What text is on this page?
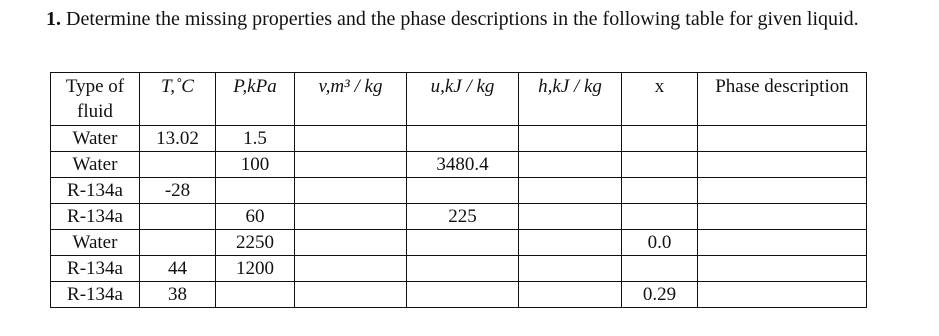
1. Determine the missing properties and the phase descriptions in the following table for given liquid.
Type of fluid	T,˚C	P,kPa	v,m³ / kg	u,kJ / kg	h,kJ / kg	x	Phase description
Water	13.02	1.5					
Water		100		3480.4			
R-134a	-28						
R-134a		60		225			
Water		2250				0.0	
R-134a	44	1200					
R-134a	38					0.29	
